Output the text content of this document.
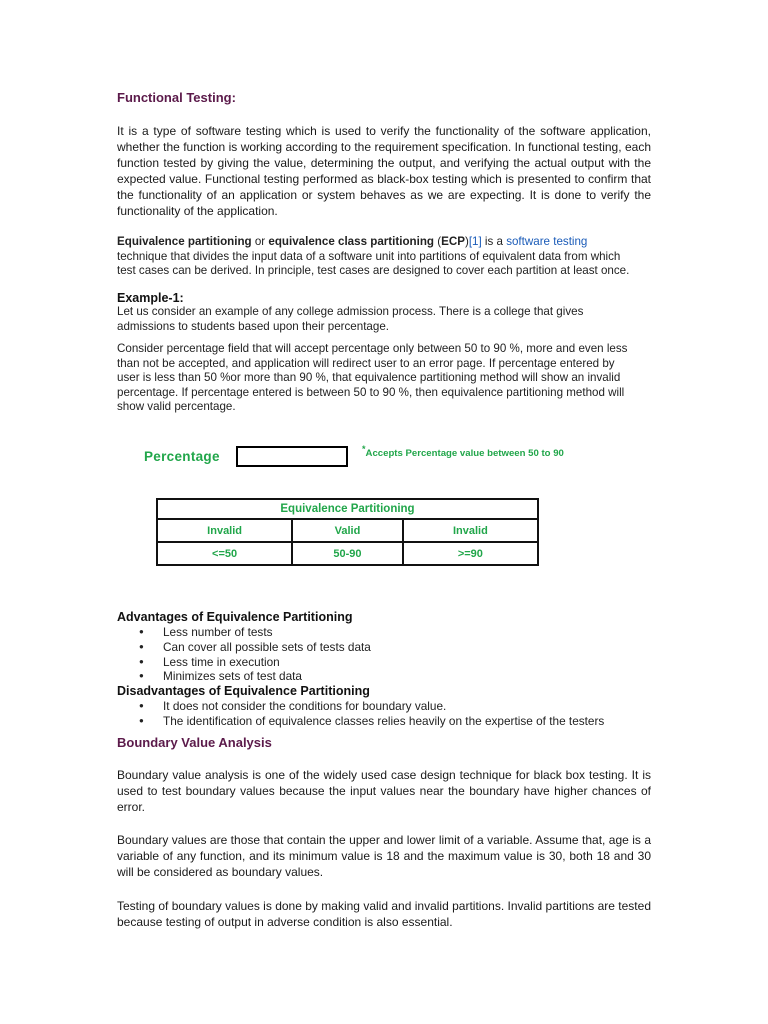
Functional Testing:

It is a type of software testing which is used to verify the functionality of the software application, whether the function is working according to the requirement specification. In functional testing, each function tested by giving the value, determining the output, and verifying the actual output with the expected value. Functional testing performed as black-box testing which is presented to confirm that the functionality of an application or system behaves as we are expecting. It is done to verify the functionality of the application.

Equivalence partitioning or equivalence class partitioning (ECP)[1] is a software testing technique that divides the input data of a software unit into partitions of equivalent data from which test cases can be derived. In principle, test cases are designed to cover each partition at least once.

Example-1:

Let us consider an example of any college admission process. There is a college that gives admissions to students based upon their percentage.

Consider percentage field that will accept percentage only between 50 to 90 %, more and even less than not be accepted, and application will redirect user to an error page. If percentage entered by user is less than 50 %or more than 90 %, that equivalence partitioning method will show an invalid percentage. If percentage entered is between 50 to 90 %, then equivalence partitioning method will show valid percentage.

Percentage	*Accepts Percentage value between 50 to 90
Equivalence Partitioning		
Invalid	Valid	Invalid
<=50	50-90	>=90
Advantages of Equivalence Partitioning
● Less number of tests
● Can cover all possible sets of tests data
● Less time in execution
● Minimizes sets of test data
Disadvantages of Equivalence Partitioning
● It does not consider the conditions for boundary value.
● The identification of equivalence classes relies heavily on the expertise of the testers
Boundary Value Analysis

Boundary value analysis is one of the widely used case design technique for black box testing. It is used to test boundary values because the input values near the boundary have higher chances of error.

Boundary values are those that contain the upper and lower limit of a variable. Assume that, age is a variable of any function, and its minimum value is 18 and the maximum value is 30, both 18 and 30 will be considered as boundary values.

Testing of boundary values is done by making valid and invalid partitions. Invalid partitions are tested because testing of output in adverse condition is also essential.
